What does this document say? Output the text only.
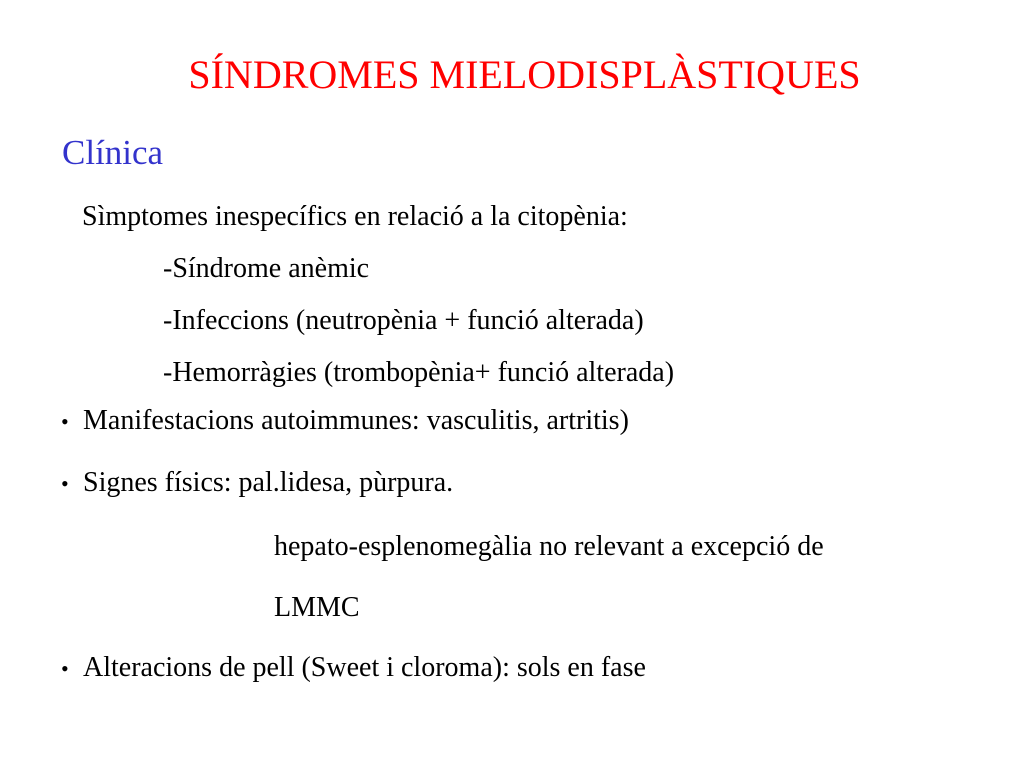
SÍNDROMES MIELODISPLÀSTIQUES
Clínica
Sìmptomes inespecífics en relació a la citopènia:
-Síndrome anèmic
-Infeccions (neutropènia + funció alterada)
-Hemorràgies (trombopènia+ funció alterada)
• Manifestacions autoimmunes: vasculitis, artritis)
• Signes físics: pal.lidesa, pùrpura.
hepato-esplenomegàlia no relevant a excepció de
LMMC
• Alteracions de pell (Sweet i cloroma): sols en fase
